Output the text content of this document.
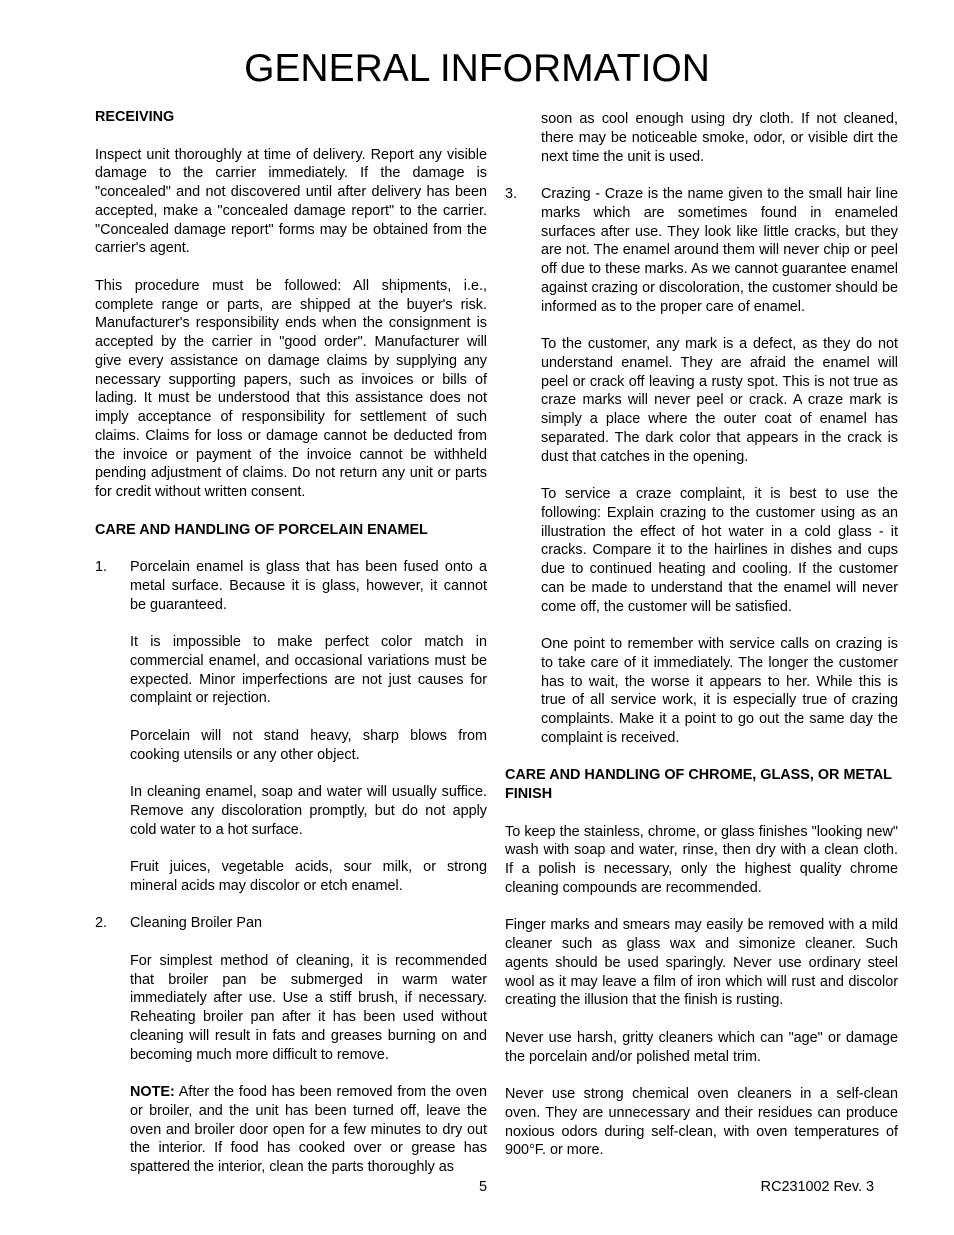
GENERAL INFORMATION

RECEIVING

Inspect unit thoroughly at time of delivery. Report any visible damage to the carrier immediately. If the damage is "concealed" and not discovered until after delivery has been accepted, make a "concealed damage report" to the carrier. "Concealed damage report" forms may be obtained from the carrier's agent.

This procedure must be followed: All shipments, i.e., complete range or parts, are shipped at the buyer's risk. Manufacturer's responsibility ends when the consignment is accepted by the carrier in "good order". Manufacturer will give every assistance on damage claims by supplying any necessary supporting papers, such as invoices or bills of lading. It must be understood that this assistance does not imply acceptance of responsibility for settlement of such claims. Claims for loss or damage cannot be deducted from the invoice or payment of the invoice cannot be withheld pending adjustment of claims. Do not return any unit or parts for credit without written consent.

CARE AND HANDLING OF PORCELAIN ENAMEL

1. Porcelain enamel is glass that has been fused onto a metal surface. Because it is glass, however, it cannot be guaranteed.

It is impossible to make perfect color match in commercial enamel, and occasional variations must be expected. Minor imperfections are not just causes for complaint or rejection.

Porcelain will not stand heavy, sharp blows from cooking utensils or any other object.

In cleaning enamel, soap and water will usually suffice. Remove any discoloration promptly, but do not apply cold water to a hot surface.

Fruit juices, vegetable acids, sour milk, or strong mineral acids may discolor or etch enamel.

2. Cleaning Broiler Pan

For simplest method of cleaning, it is recommended that broiler pan be submerged in warm water immediately after use. Use a stiff brush, if necessary. Reheating broiler pan after it has been used without cleaning will result in fats and greases burning on and becoming much more difficult to remove.

NOTE: After the food has been removed from the oven or broiler, and the unit has been turned off, leave the oven and broiler door open for a few minutes to dry out the interior. If food has cooked over or grease has spattered the interior, clean the parts thoroughly as

soon as cool enough using dry cloth. If not cleaned, there may be noticeable smoke, odor, or visible dirt the next time the unit is used.

3. Crazing - Craze is the name given to the small hair line marks which are sometimes found in enameled surfaces after use. They look like little cracks, but they are not. The enamel around them will never chip or peel off due to these marks. As we cannot guarantee enamel against crazing or discoloration, the customer should be informed as to the proper care of enamel.

To the customer, any mark is a defect, as they do not understand enamel. They are afraid the enamel will peel or crack off leaving a rusty spot. This is not true as craze marks will never peel or crack. A craze mark is simply a place where the outer coat of enamel has separated. The dark color that appears in the crack is dust that catches in the opening.

To service a craze complaint, it is best to use the following: Explain crazing to the customer using as an illustration the effect of hot water in a cold glass - it cracks. Compare it to the hairlines in dishes and cups due to continued heating and cooling. If the customer can be made to understand that the enamel will never come off, the customer will be satisfied.

One point to remember with service calls on crazing is to take care of it immediately. The longer the customer has to wait, the worse it appears to her. While this is true of all service work, it is especially true of crazing complaints. Make it a point to go out the same day the complaint is received.

CARE AND HANDLING OF CHROME, GLASS, OR METAL FINISH

To keep the stainless, chrome, or glass finishes "looking new" wash with soap and water, rinse, then dry with a clean cloth. If a polish is necessary, only the highest quality chrome cleaning compounds are recommended.

Finger marks and smears may easily be removed with a mild cleaner such as glass wax and simonize cleaner. Such agents should be used sparingly. Never use ordinary steel wool as it may leave a film of iron which will rust and discolor creating the illusion that the finish is rusting.

Never use harsh, gritty cleaners which can "age" or damage the porcelain and/or polished metal trim.

Never use strong chemical oven cleaners in a self-clean oven. They are unnecessary and their residues can produce noxious odors during self-clean, with oven temperatures of 900°F. or more.

5	RC231002 Rev. 3
